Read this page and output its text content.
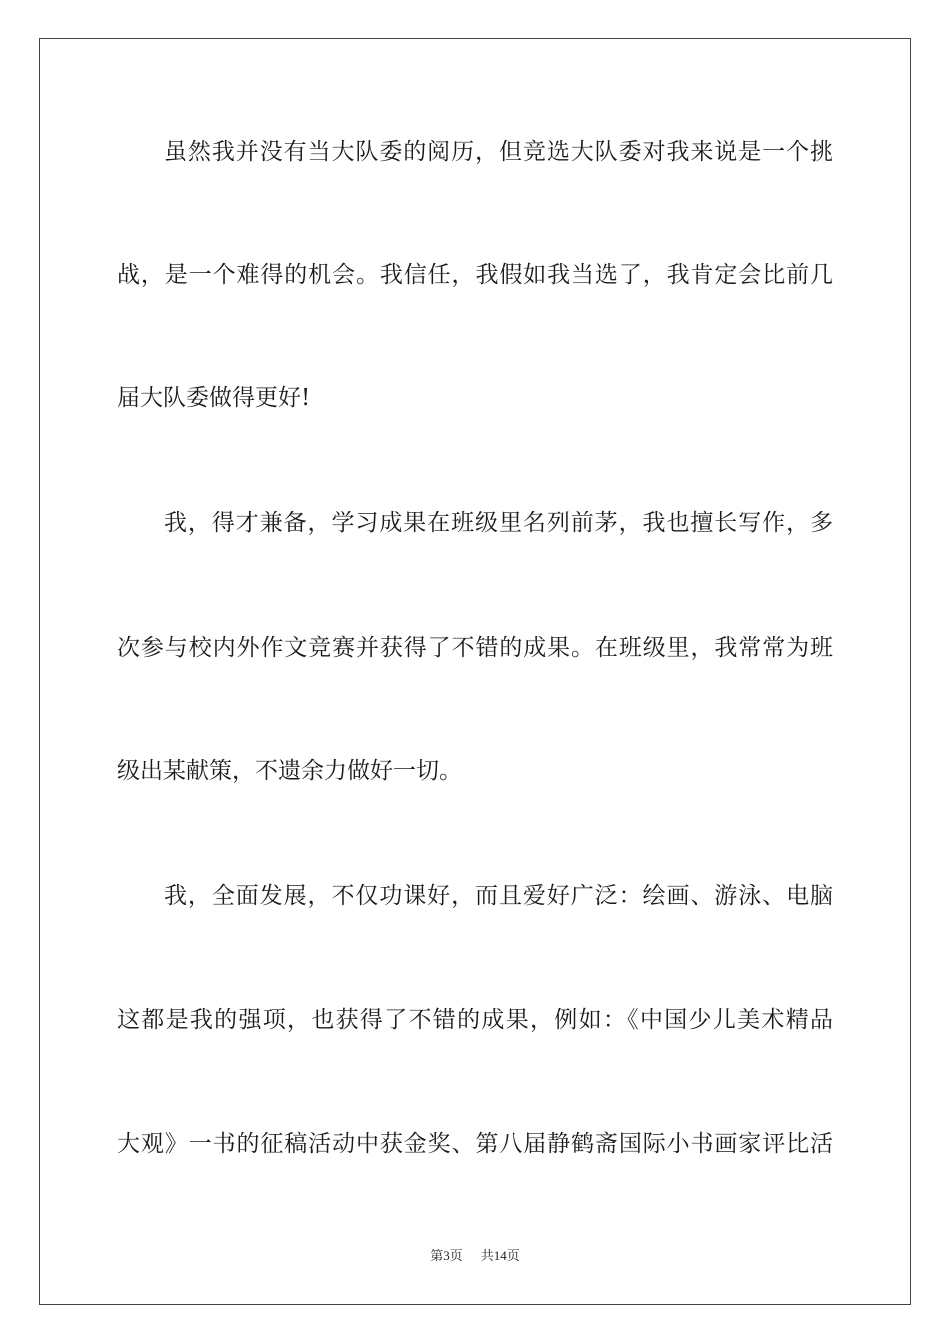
虽然我并没有当大队委的阅历，但竞选大队委对我来说是一个挑
战，是一个难得的机会。我信任，我假如我当选了，我肯定会比前几
届大队委做得更好!
我，得才兼备，学习成果在班级里名列前茅，我也擅长写作，多
次参与校内外作文竞赛并获得了不错的成果。在班级里，我常常为班
级出某献策，不遗余力做好一切。
我，全面发展，不仅功课好，而且爱好广泛：绘画、游泳、电脑
这都是我的强项，也获得了不错的成果，例如：《中国少儿美术精品
大观》一书的征稿活动中获金奖、第八届静鹤斋国际小书画家评比活
第3页 共14页
